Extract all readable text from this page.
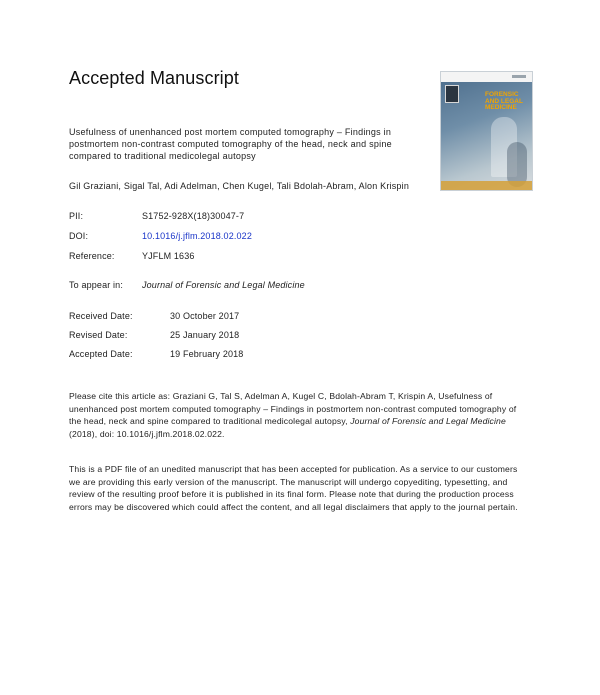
Accepted Manuscript
FORENSIC AND LEGAL MEDICINE
Usefulness of unenhanced post mortem computed tomography – Findings in postmortem non-contrast computed tomography of the head, neck and spine compared to traditional medicolegal autopsy
Gil Graziani, Sigal Tal, Adi Adelman, Chen Kugel, Tali Bdolah-Abram, Alon Krispin
PII:	S1752-928X(18)30047-7
DOI:	10.1016/j.jflm.2018.02.022
Reference:	YJFLM 1636
To appear in: Journal of Forensic and Legal Medicine
Received Date:	30 October 2017
Revised Date:	25 January 2018
Accepted Date:	19 February 2018
Please cite this article as: Graziani G, Tal S, Adelman A, Kugel C, Bdolah-Abram T, Krispin A, Usefulness of unenhanced post mortem computed tomography – Findings in postmortem non-contrast computed tomography of the head, neck and spine compared to traditional medicolegal autopsy, Journal of Forensic and Legal Medicine (2018), doi: 10.1016/j.jflm.2018.02.022.
This is a PDF file of an unedited manuscript that has been accepted for publication. As a service to our customers we are providing this early version of the manuscript. The manuscript will undergo copyediting, typesetting, and review of the resulting proof before it is published in its final form. Please note that during the production process errors may be discovered which could affect the content, and all legal disclaimers that apply to the journal pertain.
